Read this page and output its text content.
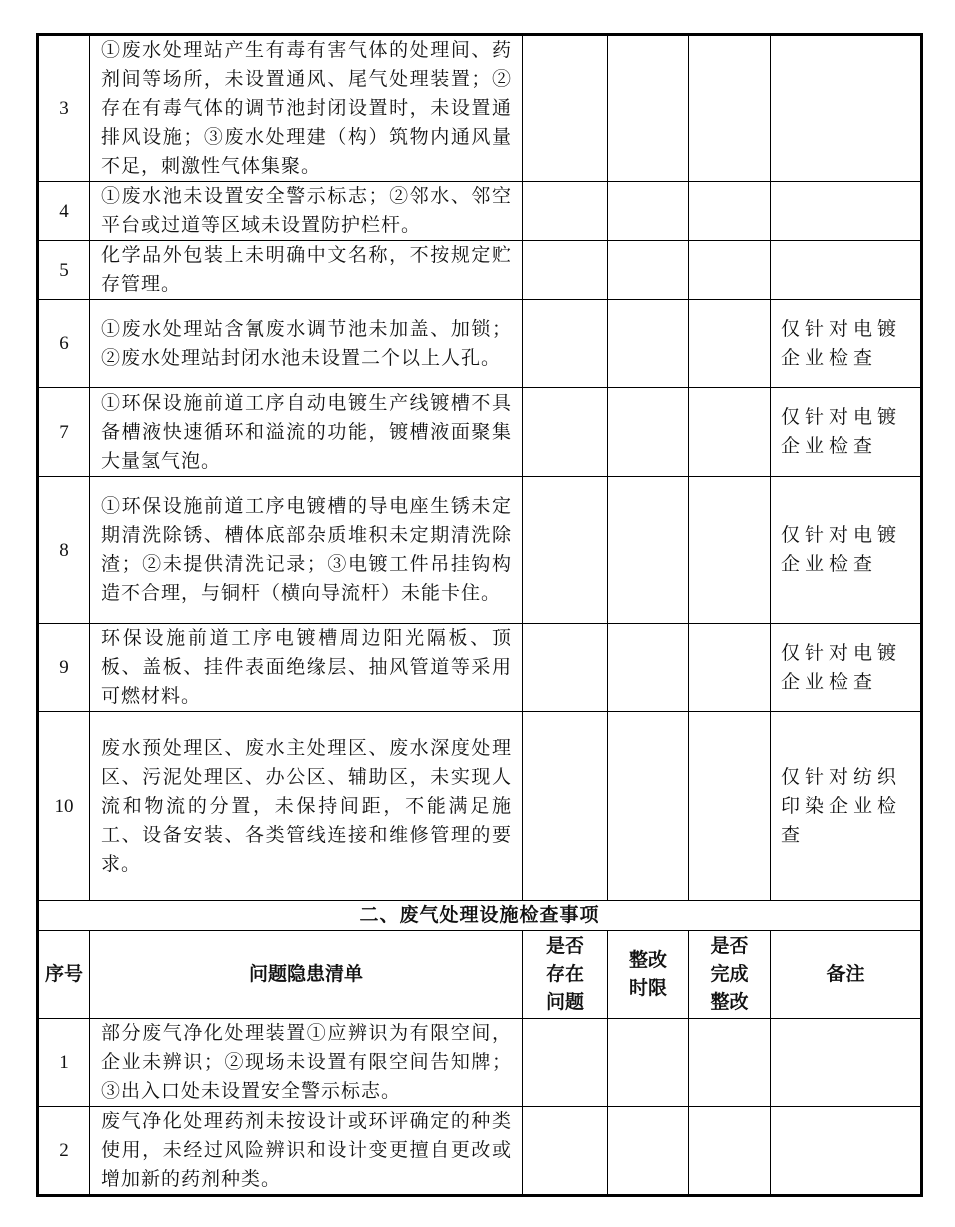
3	①废水处理站产生有毒有害气体的处理间、药剂间等场所，未设置通风、尾气处理装置；②存在有毒气体的调节池封闭设置时，未设置通排风设施；③废水处理建（构）筑物内通风量不足，刺激性气体集聚。				
4	①废水池未设置安全警示标志；②邻水、邻空平台或过道等区域未设置防护栏杆。				
5	化学品外包装上未明确中文名称，不按规定贮存管理。				
6	①废水处理站含氰废水调节池未加盖、加锁；②废水处理站封闭水池未设置二个以上人孔。				仅针对电镀企业检查
7	①环保设施前道工序自动电镀生产线镀槽不具备槽液快速循环和溢流的功能，镀槽液面聚集大量氢气泡。				仅针对电镀企业检查
8	①环保设施前道工序电镀槽的导电座生锈未定期清洗除锈、槽体底部杂质堆积未定期清洗除渣；②未提供清洗记录；③电镀工件吊挂钩构造不合理，与铜杆（横向导流杆）未能卡住。				仅针对电镀企业检查
9	环保设施前道工序电镀槽周边阳光隔板、顶板、盖板、挂件表面绝缘层、抽风管道等采用可燃材料。				仅针对电镀企业检查
10	废水预处理区、废水主处理区、废水深度处理区、污泥处理区、办公区、辅助区，未实现人流和物流的分置，未保持间距，不能满足施工、设备安装、各类管线连接和维修管理的要求。				仅针对纺织印染企业检查
二、废气处理设施检查事项					
序号	问题隐患清单	是否存在问题	整改时限	是否完成整改	备注
1	部分废气净化处理装置①应辨识为有限空间，企业未辨识；②现场未设置有限空间告知牌；③出入口处未设置安全警示标志。				
2	废气净化处理药剂未按设计或环评确定的种类使用，未经过风险辨识和设计变更擅自更改或增加新的药剂种类。				
